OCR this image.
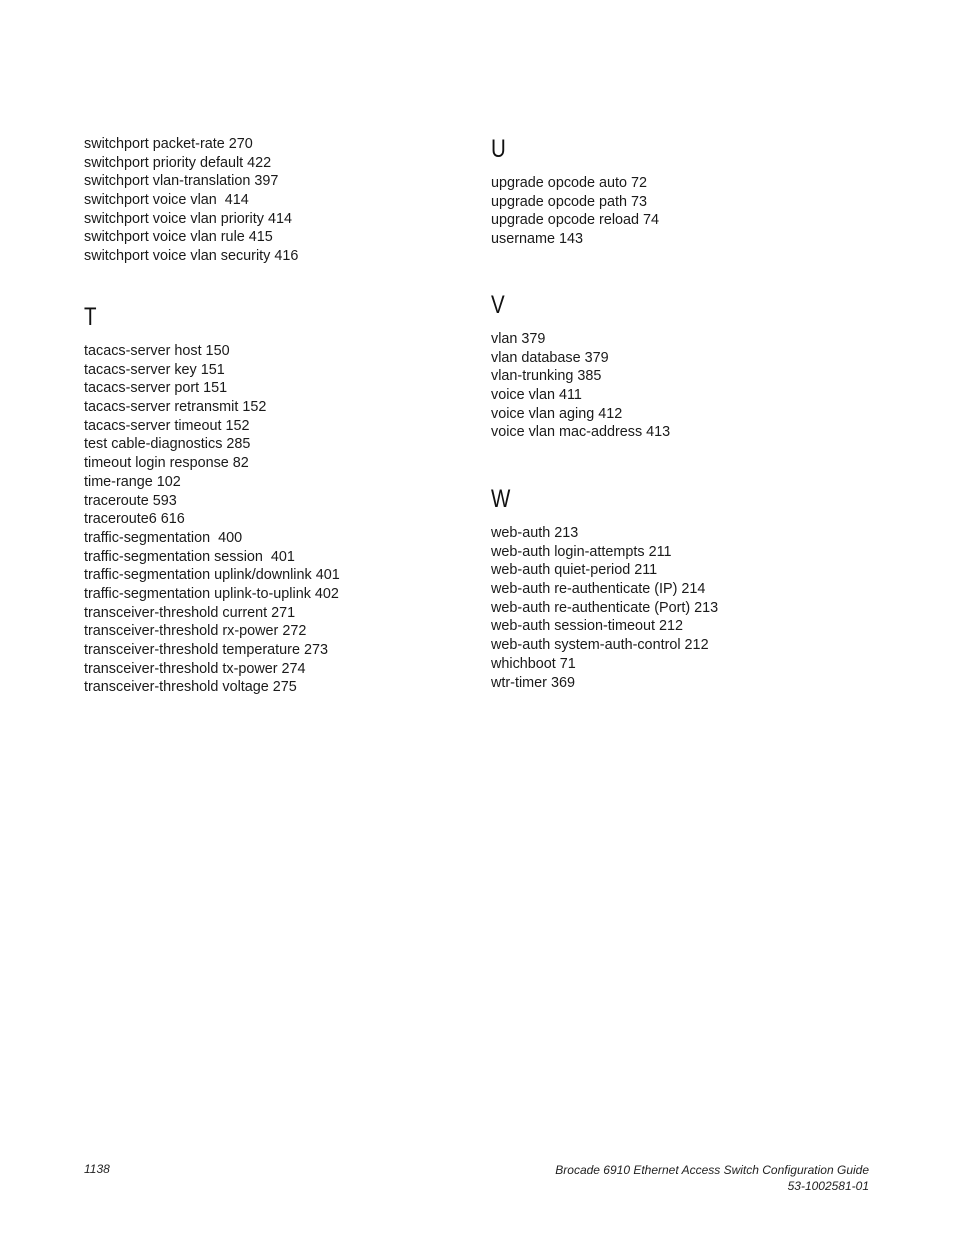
switchport packet-rate 270
switchport priority default 422
switchport vlan-translation 397
switchport voice vlan  414
switchport voice vlan priority 414
switchport voice vlan rule 415
switchport voice vlan security 416
T
tacacs-server host 150
tacacs-server key 151
tacacs-server port 151
tacacs-server retransmit 152
tacacs-server timeout 152
test cable-diagnostics 285
timeout login response 82
time-range 102
traceroute 593
traceroute6 616
traffic-segmentation  400
traffic-segmentation session  401
traffic-segmentation uplink/downlink 401
traffic-segmentation uplink-to-uplink 402
transceiver-threshold current 271
transceiver-threshold rx-power 272
transceiver-threshold temperature 273
transceiver-threshold tx-power 274
transceiver-threshold voltage 275
U
upgrade opcode auto 72
upgrade opcode path 73
upgrade opcode reload 74
username 143
V
vlan 379
vlan database 379
vlan-trunking 385
voice vlan 411
voice vlan aging 412
voice vlan mac-address 413
W
web-auth 213
web-auth login-attempts 211
web-auth quiet-period 211
web-auth re-authenticate (IP) 214
web-auth re-authenticate (Port) 213
web-auth session-timeout 212
web-auth system-auth-control 212
whichboot 71
wtr-timer 369
1138	Brocade 6910 Ethernet Access Switch Configuration Guide
53-1002581-01
